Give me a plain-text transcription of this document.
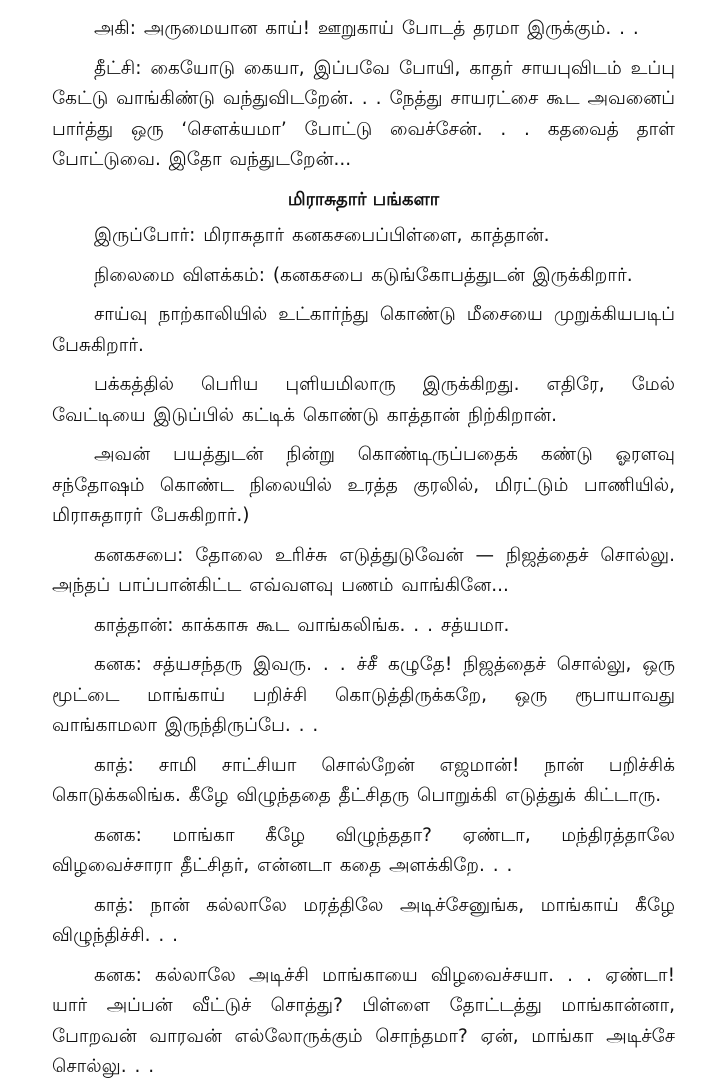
அகி: அருமையான காய்! ஊறுகாய் போடத் தரமா இருக்கும். . .

தீட்சி: கையோடு கையா, இப்பவே போயி, காதர் சாயபுவிடம் உப்பு கேட்டு வாங்கிண்டு வந்துவிடறேன். . . நேத்து சாயரட்சை கூட அவனைப் பார்த்து ஒரு ‘சௌக்யமா’ போட்டு வைச்சேன். . . கதவைத் தாள் போட்டுவை. இதோ வந்துடறேன்...

மிராசுதார் பங்களா

இருப்போர்: மிராசுதார் கனகசபைப்பிள்ளை, காத்தான்.

நிலைமை விளக்கம்: (கனகசபை கடுங்கோபத்துடன் இருக்கிறார்.

சாய்வு நாற்காலியில் உட்கார்ந்து கொண்டு மீசையை முறுக்கியபடிப் பேசுகிறார்.

பக்கத்தில் பெரிய புளியமிலாரு இருக்கிறது. எதிரே, மேல் வேட்டியை இடுப்பில் கட்டிக் கொண்டு காத்தான் நிற்கிறான்.

அவன் பயத்துடன் நின்று கொண்டிருப்பதைக் கண்டு ஓரளவு சந்தோஷம் கொண்ட நிலையில் உரத்த குரலில், மிரட்டும் பாணியில், மிராசுதாரர் பேசுகிறார்.)

கனகசபை: தோலை உரிச்சு எடுத்துடுவேன் — நிஜத்தைச் சொல்லு. அந்தப் பாப்பான்கிட்ட எவ்வளவு பணம் வாங்கினே...

காத்தான்: காக்காசு கூட வாங்கலிங்க. . . சத்யமா.

கனக: சத்யசந்தரு இவரு. . . ச்சீ கழுதே! நிஜத்தைச் சொல்லு, ஒரு மூட்டை மாங்காய் பறிச்சி கொடுத்திருக்கறே, ஒரு ரூபாயாவது வாங்காமலா இருந்திருப்பே. . .

காத்: சாமி சாட்சியா சொல்றேன் எஜமான்! நான் பறிச்சிக் கொடுக்கலிங்க. கீழே விழுந்ததை தீட்சிதரு பொறுக்கி எடுத்துக் கிட்டாரு.

கனக: மாங்கா கீழே விழுந்ததா? ஏண்டா, மந்திரத்தாலே விழவைச்சாரா தீட்சிதர், என்னடா கதை அளக்கிறே. . .

காத்: நான் கல்லாலே மரத்திலே அடிச்சேனுங்க, மாங்காய் கீழே விழுந்திச்சி. . .

கனக: கல்லாலே அடிச்சி மாங்காயை விழவைச்சயா. . . ஏண்டா! யார் அப்பன் வீட்டுச் சொத்து? பிள்ளை தோட்டத்து மாங்கான்னா, போறவன் வாரவன் எல்லோருக்கும் சொந்தமா? ஏன், மாங்கா அடிச்சே சொல்லு. . .
